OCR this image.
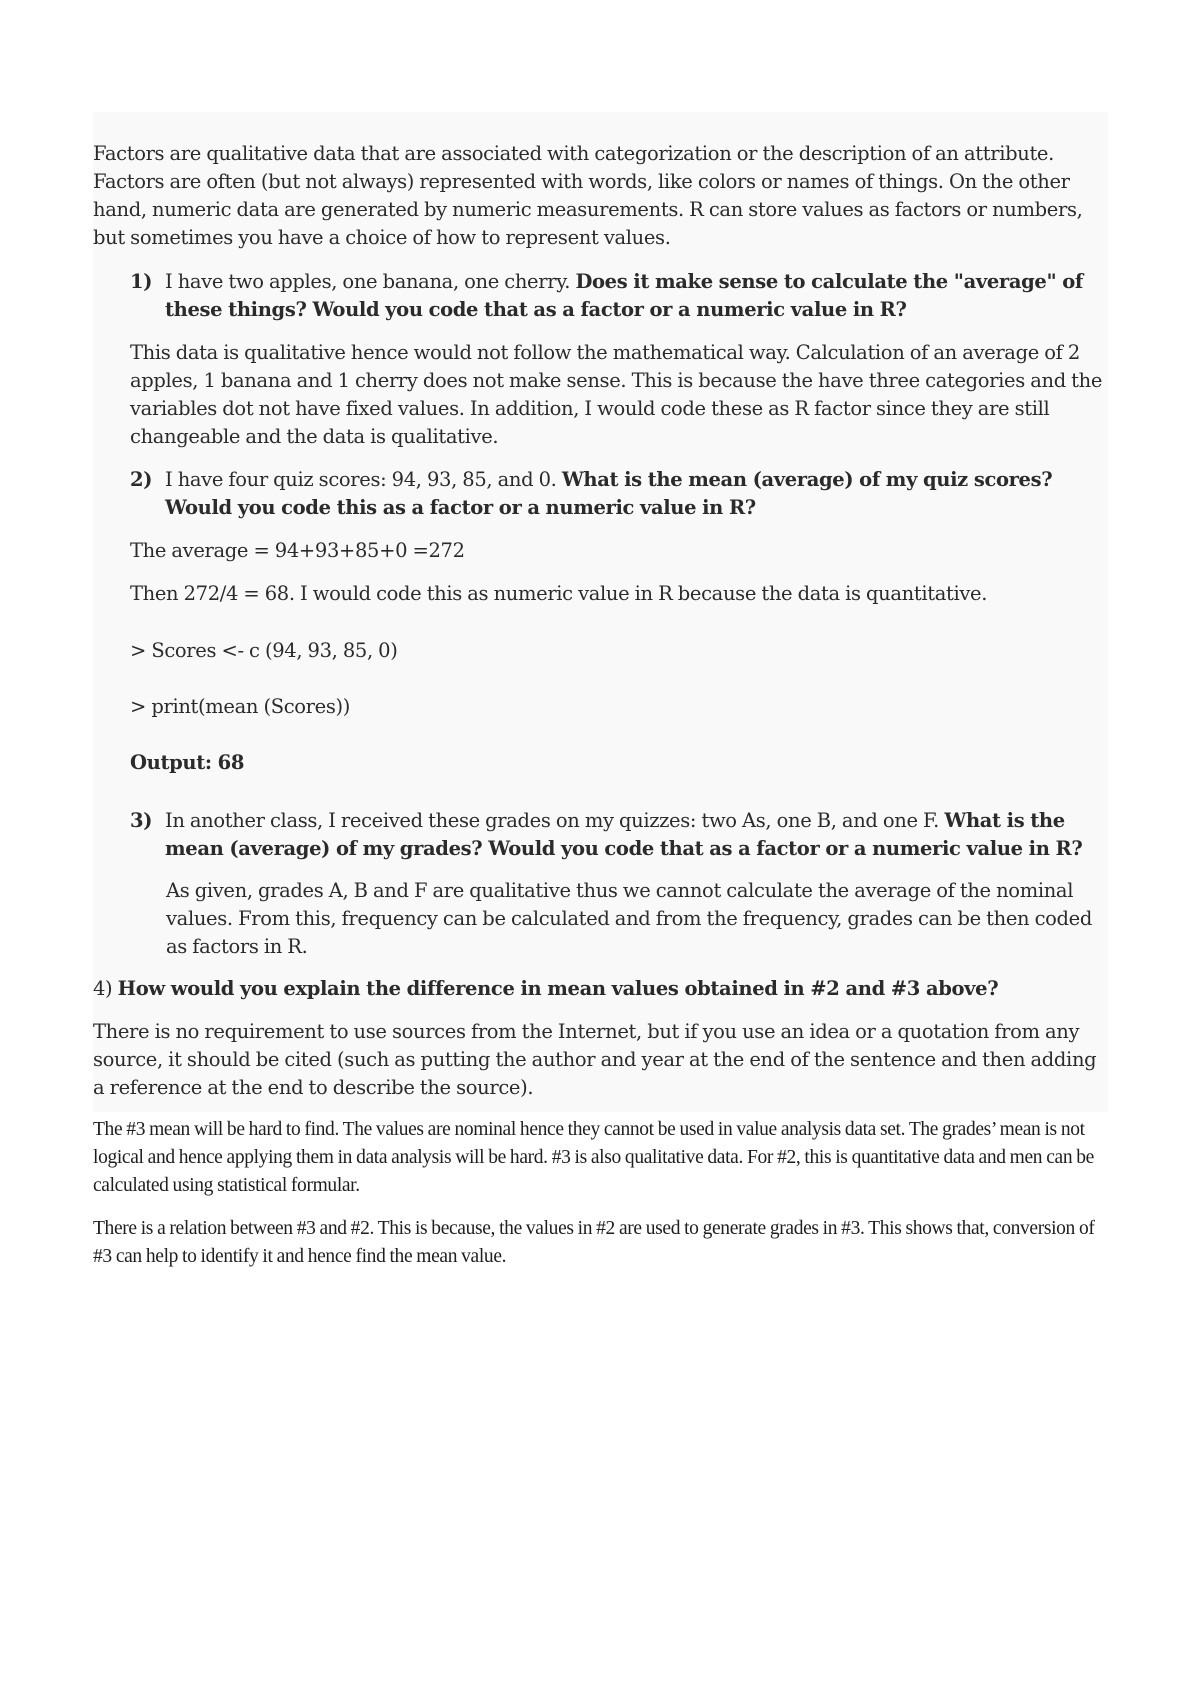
Factors are qualitative data that are associated with categorization or the description of an attribute. Factors are often (but not always) represented with words, like colors or names of things. On the other hand, numeric data are generated by numeric measurements. R can store values as factors or numbers, but sometimes you have a choice of how to represent values.

1) I have two apples, one banana, one cherry. Does it make sense to calculate the "average" of these things? Would you code that as a factor or a numeric value in R?

This data is qualitative hence would not follow the mathematical way. Calculation of an average of 2 apples, 1 banana and 1 cherry does not make sense. This is because the have three categories and the variables dot not have fixed values. In addition, I would code these as R factor since they are still changeable and the data is qualitative.

2) I have four quiz scores: 94, 93, 85, and 0. What is the mean (average) of my quiz scores? Would you code this as a factor or a numeric value in R?

The average = 94+93+85+0 =272

Then 272/4 = 68. I would code this as numeric value in R because the data is quantitative.

> Scores <- c (94, 93, 85, 0)

> print(mean (Scores))

Output: 68

3) In another class, I received these grades on my quizzes: two As, one B, and one F. What is the mean (average) of my grades? Would you code that as a factor or a numeric value in R?

As given, grades A, B and F are qualitative thus we cannot calculate the average of the nominal values. From this, frequency can be calculated and from the frequency, grades can be then coded as factors in R.

4) How would you explain the difference in mean values obtained in #2 and #3 above?

There is no requirement to use sources from the Internet, but if you use an idea or a quotation from any source, it should be cited (such as putting the author and year at the end of the sentence and then adding a reference at the end to describe the source).

The #3 mean will be hard to find. The values are nominal hence they cannot be used in value analysis data set. The grades’ mean is not logical and hence applying them in data analysis will be hard. #3 is also qualitative data. For #2, this is quantitative data and men can be calculated using statistical formular.

There is a relation between #3 and #2. This is because, the values in #2 are used to generate grades in #3. This shows that, conversion of #3 can help to identify it and hence find the mean value.
